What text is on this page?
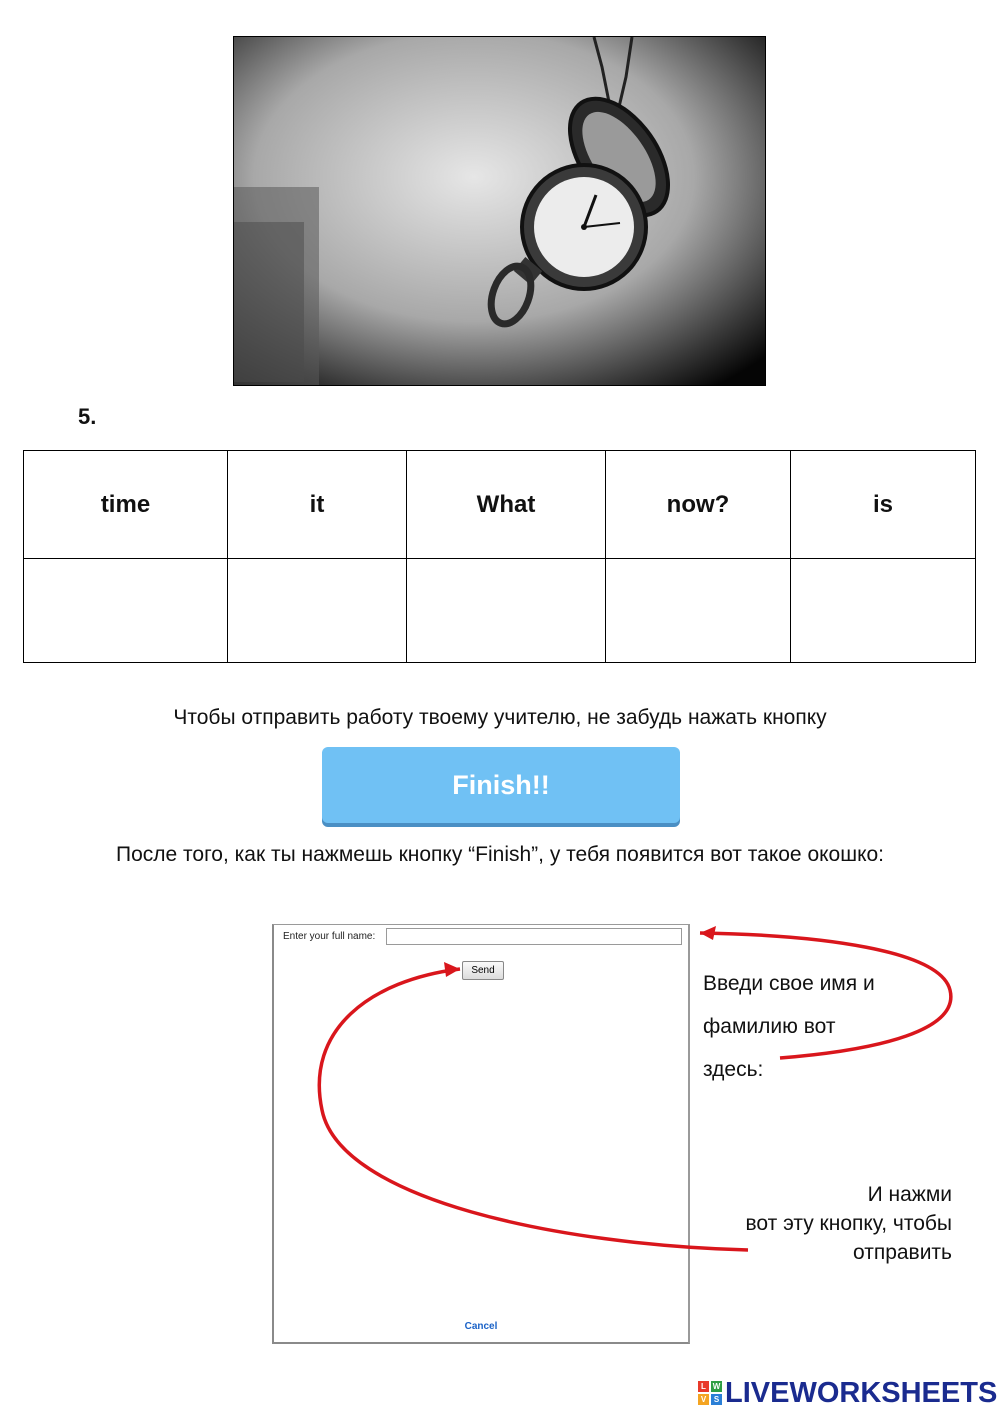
5.
time	it	What	now?	is

Чтобы отправить работу твоему учителю, не забудь нажать кнопку
Finish!!
После того, как ты нажмешь кнопку “Finish”, у тебя появится вот такое окошко:
Enter your full name:
Send
Cancel
Введи свое имя и
фамилию вот
здесь:
И нажми
вот эту кнопку, чтобы
отправить
L W
V S LIVEWORKSHEETS
